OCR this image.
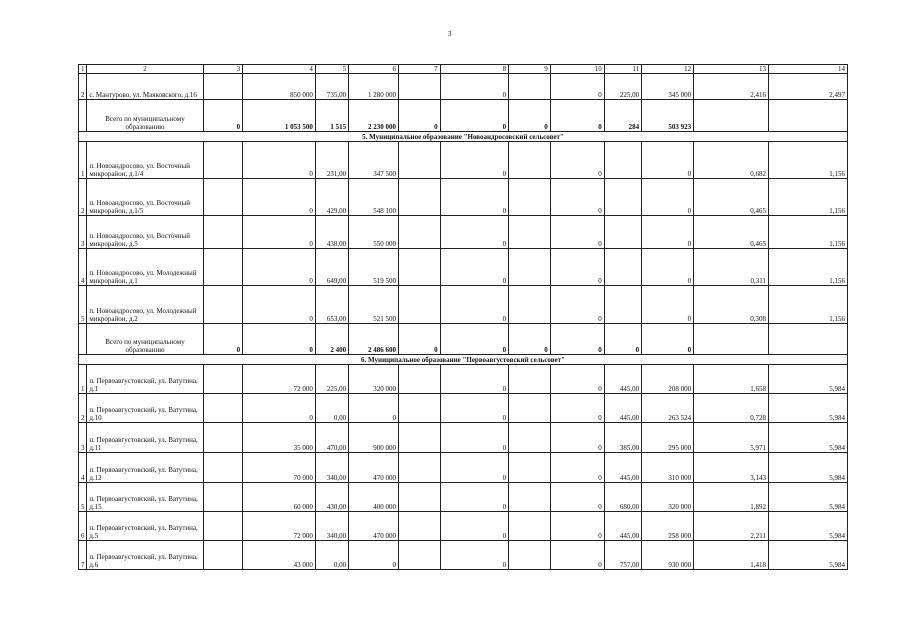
3
1	2	3	4	5	6	7	8	9	10	11	12	13	14
2	с. Мантурово, ул. Маяковского, д.16		850 000	735,00	1 280 000		0		0	225,00	345 000	2,416	2,497
	Всего по муниципальному образованию	0	1 053 500	1 515	2 230 000	0	0	0	0	284	503 923		
5. Муниципальное образование "Новоандросовский сельсовет"													
1	п. Новоандросово, ул. Восточный микрорайон, д.1/4		0	231,00	347 500		0		0		0	0,682	1,156
2	п. Новоандросово, ул. Восточный микрорайон, д.1/5		0	429,00	548 100		0		0		0	0,465	1,156
3	п. Новоандросово, ул. Восточный микрорайон, д.5		0	438,00	550 000		0		0		0	0,465	1,156
4	п. Новоандросово, ул. Молодежный микрорайон, д.1		0	649,00	519 500		0		0		0	0,311	1,156
5	п. Новоандросово, ул. Молодежный микрорайон, д.2		0	653,00	521 500		0		0		0	0,308	1,156
	Всего по муниципальному образованию	0	0	2 400	2 486 600	0	0	0	0	0	0		
6. Муниципальное образование "Первоавгустовский сельсовет"													
1	п. Первоавгустовский, ул. Ватутина, д.1		72 000	225,00	320 000		0		0	445,00	208 000	1,658	5,984
2	п. Первоавгустовский, ул. Ватутина, д.10		0	0,00	0		0		0	445,00	263 524	0,728	5,984
3	п. Первоавгустовский, ул. Ватутина, д.11		35 000	470,00	900 000		0		0	385,00	295 000	5,971	5,984
4	п. Первоавгустовский, ул. Ватутина, д.12		70 000	340,00	470 000		0		0	445,00	310 000	3,143	5,984
5	п. Первоавгустовский, ул. Ватутина, д.15		60 000	430,00	400 000		0		0	680,00	320 000	1,892	5,984
6	п. Первоавгустовский, ул. Ватутина, д.5		72 000	340,00	470 000		0		0	445,00	258 000	2,211	5,984
7	п. Первоавгустовский, ул. Ватутина, д.6		43 000	0,00	0		0		0	757,00	930 000	1,418	5,984
